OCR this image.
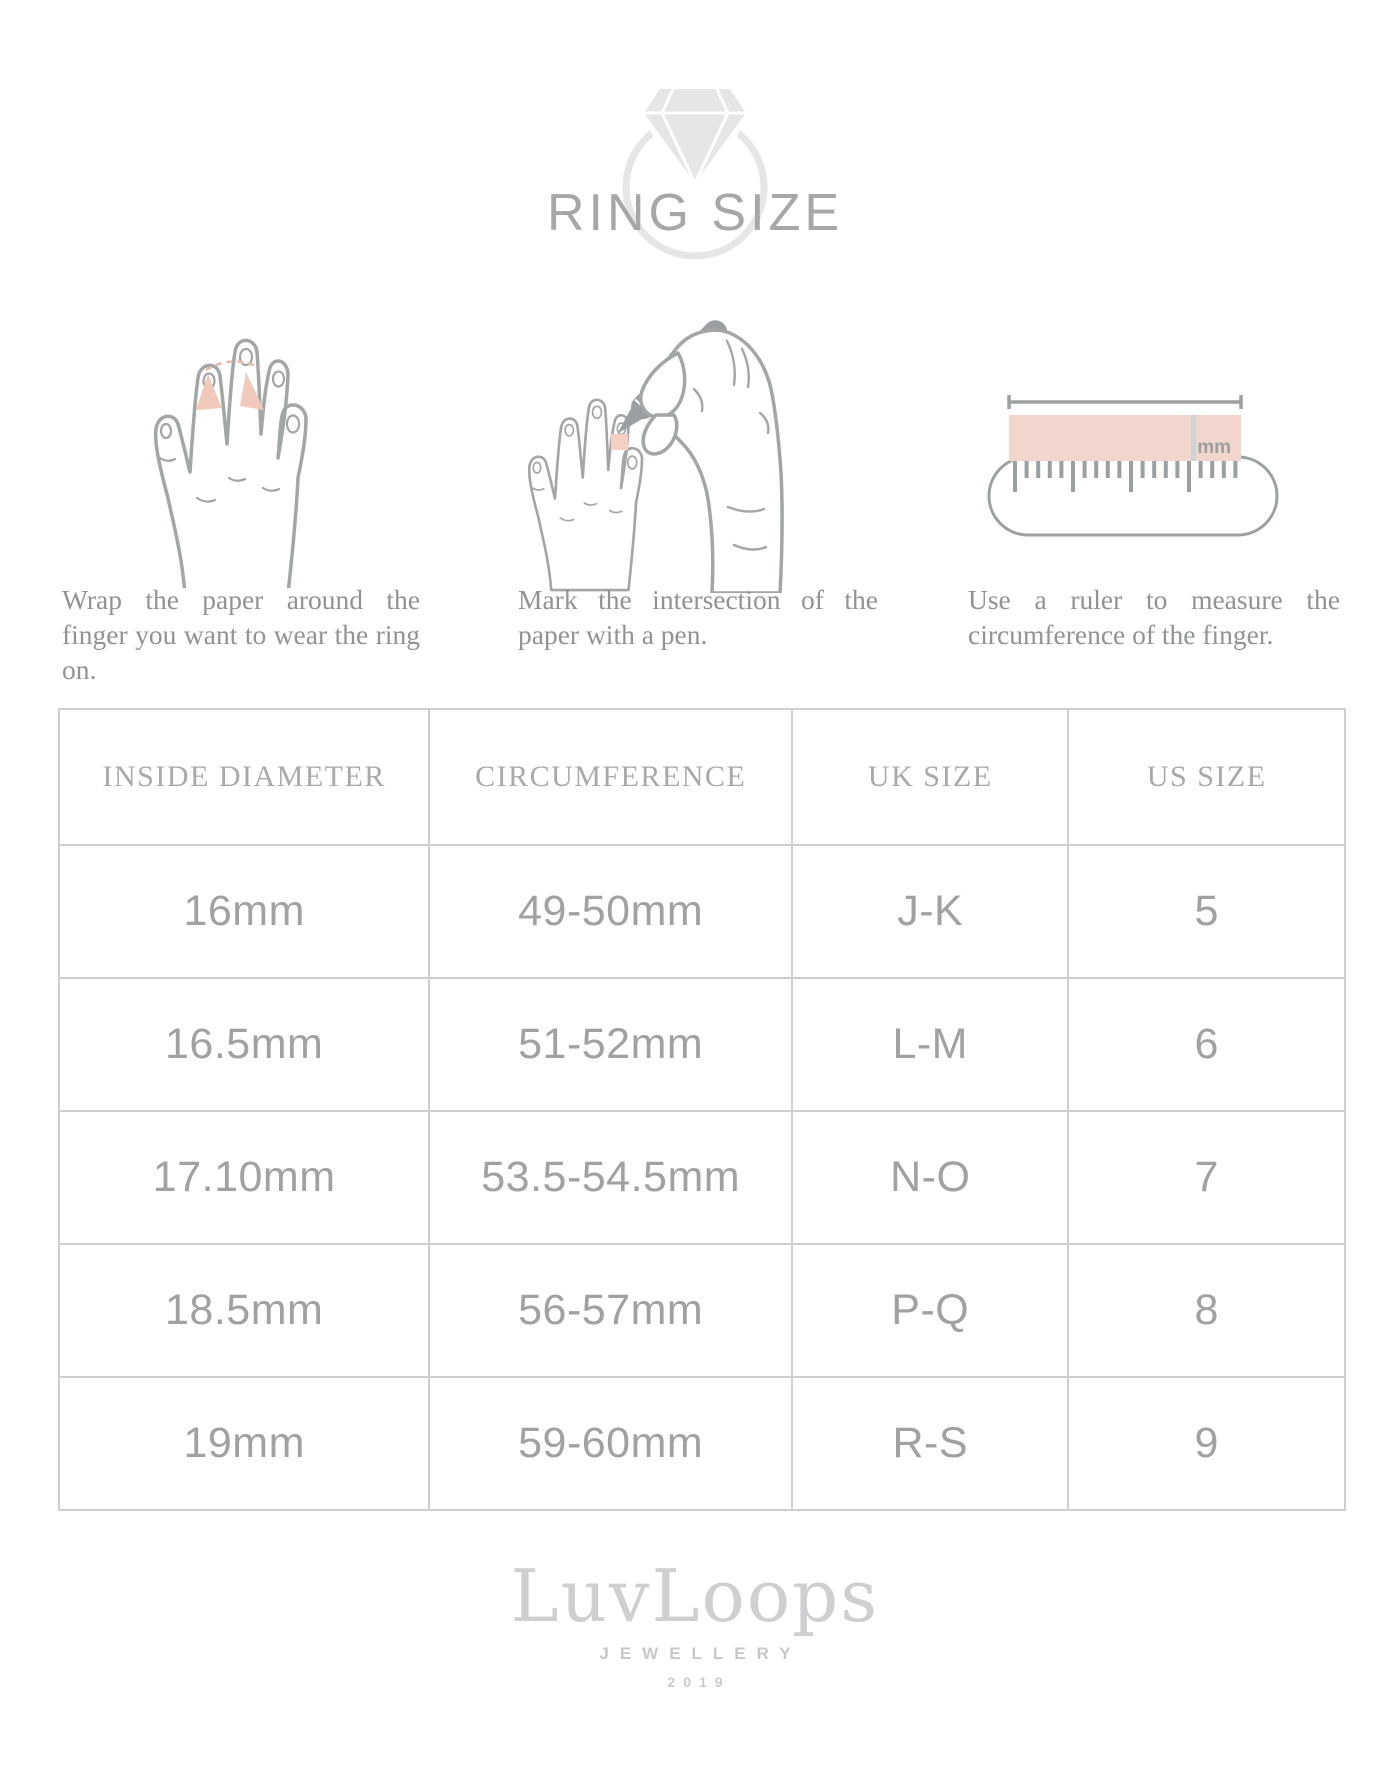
RING SIZE
Wrap the paper around the finger you want to wear the ring on.
Mark the intersection of the paper with a pen.
mm
Use a ruler to measure the circumference of the finger.
INSIDE DIAMETER	CIRCUMFERENCE	UK SIZE	US SIZE
16mm	49-50mm	J-K	5
16.5mm	51-52mm	L-M	6
17.10mm	53.5-54.5mm	N-O	7
18.5mm	56-57mm	P-Q	8
19mm	59-60mm	R-S	9
LuvLoops
JEWELLERY
2019
